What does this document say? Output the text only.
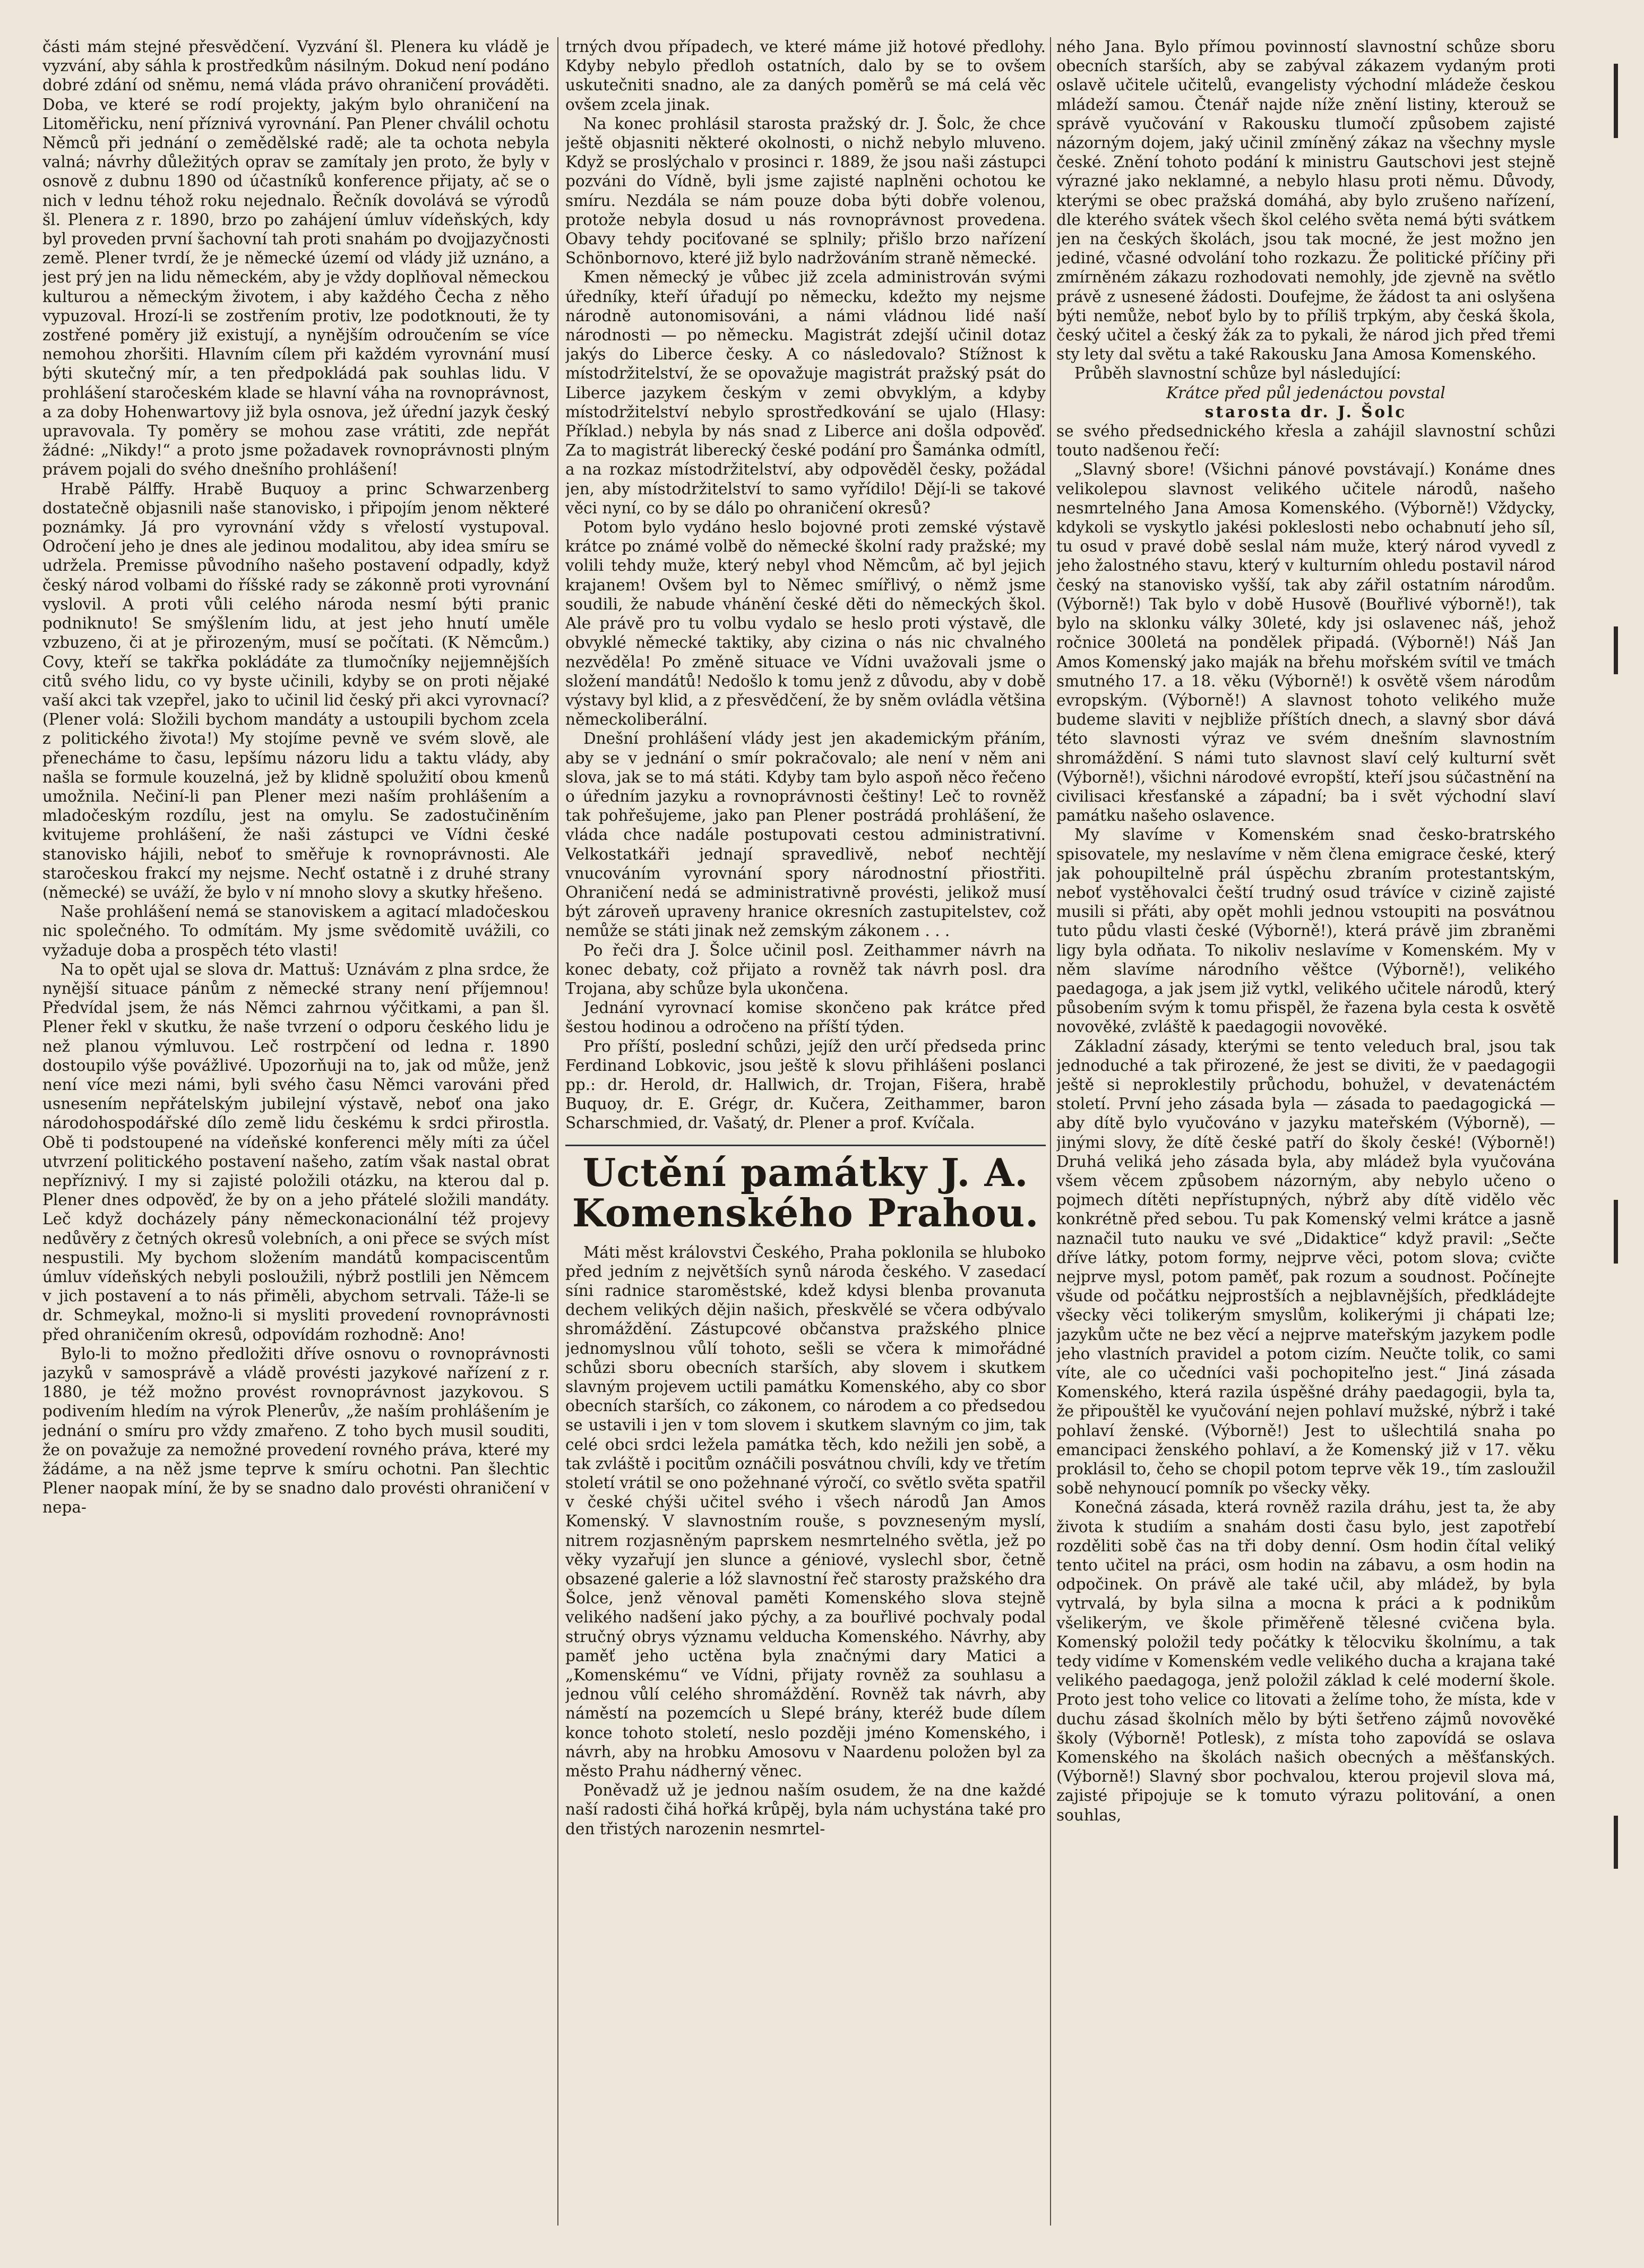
části mám stejné přesvědčení. Vyzvání šl. Plenera ku vládě je vyzvání, aby sáhla k prostředkům násilným. Dokud není podáno dobré zdání od sněmu, nemá vláda právo ohraničení prováděti. Doba, ve které se rodí projekty, jakým bylo ohraničení na Litoměřicku, není příznivá vyrovnání. Pan Plener chválil ochotu Němců při jednání o zemědělské radě; ale ta ochota nebyla valná; návrhy důležitých oprav se zamítaly jen proto, že byly v osnově z dubnu 1890 od účastníků konference přijaty, ač se o nich v lednu téhož roku nejednalo. Řečník dovolává se výrodů šl. Plenera z r. 1890, brzo po zahájení úmluv vídeňských, kdy byl proveden první šachovní tah proti snahám po dvojjazyčnosti země. Plener tvrdí, že je německé území od vlády již uznáno, a jest prý jen na lidu německém, aby je vždy doplňoval německou kulturou a německým životem, i aby každého Čecha z něho vypuzoval. Hrozí-li se zostřením protiv, lze podotknouti, že ty zostřené poměry již existují, a nynějším odroučením se více nemohou zhoršiti. Hlavním cílem při každém vyrovnání musí býti skutečný mír, a ten předpokládá pak souhlas lidu. V prohlášení staročeském klade se hlavní váha na rovnoprávnost, a za doby Hohenwartovy již byla osnova, jež úřední jazyk český upravovala. Ty poměry se mohou zase vrátiti, zde nepřát žádné: „Nikdy!“ a proto jsme požadavek rovnoprávnosti plným právem pojali do svého dnešního prohlášení!

Hrabě Pálffy. Hrabě Buquoy a princ Schwarzenberg dostatečně objasnili naše stanovisko, i připojím jenom některé poznámky. Já pro vyrovnání vždy s vřelostí vystupoval. Odročení jeho je dnes ale jedinou modalitou, aby idea smíru se udržela. Premisse původního našeho postavení odpadly, když český národ volbami do říšské rady se zákonně proti vyrovnání vyslovil. A proti vůli celého národa nesmí býti pranic podniknuto! Se smýšlením lidu, at jest jeho hnutí uměle vzbuzeno, či at je přirozeným, musí se počítati. (K Němcům.) Covy, kteří se takřka pokládáte za tlumočníky nejjemnějších citů svého lidu, co vy byste učinili, kdyby se on proti nějaké vaší akci tak vzepřel, jako to učinil lid český při akci vyrovnací? (Plener volá: Složili bychom mandáty a ustoupili bychom zcela z politického života!) My stojíme pevně ve svém slově, ale přenecháme to času, lepšímu názoru lidu a taktu vlády, aby našla se formule kouzelná, jež by klidně spolužití obou kmenů umožnila. Nečiní-li pan Plener mezi naším prohlášením a mladočeským rozdílu, jest na omylu. Se zadostučiněním kvitujeme prohlášení, že naši zástupci ve Vídni české stanovisko hájili, neboť to směřuje k rovnoprávnosti. Ale staročeskou frakcí my nejsme. Nechť ostatně i z druhé strany (německé) se uváží, že bylo v ní mnoho slovy a skutky hřešeno.

Naše prohlášení nemá se stanoviskem a agitací mladočeskou nic společného. To odmítám. My jsme svědomitě uvážili, co vyžaduje doba a prospěch této vlasti!

Na to opět ujal se slova dr. Mattuš: Uznávám z plna srdce, že nynější situace pánům z německé strany není příjemnou! Předvídal jsem, že nás Němci zahrnou výčitkami, a pan šl. Plener řekl v skutku, že naše tvrzení o odporu českého lidu je než planou výmluvou. Leč rostrpčení od ledna r. 1890 dostoupilo výše povážlivé. Upozorňuji na to, jak od může, jenž není více mezi námi, byli svého času Němci varováni před usnesením nepřátelským jubilejní výstavě, neboť ona jako národohospodářské dílo země lidu českému k srdci přirostla. Obě ti podstoupené na vídeňské konferenci měly míti za účel utvrzení politického postavení našeho, zatím však nastal obrat nepříznivý. I my si zajisté položili otázku, na kterou dal p. Plener dnes odpověď, že by on a jeho přátelé složili mandáty. Leč když docházely pány německonacionální též projevy nedůvěry z četných okresů volebních, a oni přece se svých míst nespustili. My bychom složením mandátů kompaciscentům úmluv vídeňských nebyli posloužili, nýbrž postlili jen Němcem v jich postavení a to nás přiměli, abychom setrvali. Táže-li se dr. Schmeykal, možno-li si mysliti provedení rovnoprávnosti před ohraničením okresů, odpovídám rozhodně: Ano!

Bylo-li to možno předložiti dříve osnovu o rovnoprávnosti jazyků v samosprávě a vládě provésti jazykové nařízení z r. 1880, je též možno provést rovnoprávnost jazykovou. S podivením hledím na výrok Plenerův, „že naším prohlášením je jednání o smíru pro vždy zmařeno. Z toho bych musil souditi, že on považuje za nemožné provedení rovného práva, které my žádáme, a na něž jsme teprve k smíru ochotni. Pan šlechtic Plener naopak míní, že by se snadno dalo provésti ohraničení v nepa-

trných dvou případech, ve které máme již hotové předlohy. Kdyby nebylo předloh ostatních, dalo by se to ovšem uskutečniti snadno, ale za daných poměrů se má celá věc ovšem zcela jinak.

Na konec prohlásil starosta pražský dr. J. Šolc, že chce ještě objasniti některé okolnosti, o nichž nebylo mluveno. Když se proslýchalo v prosinci r. 1889, že jsou naši zástupci pozváni do Vídně, byli jsme zajisté naplněni ochotou ke smíru. Nezdála se nám pouze doba býti dobře volenou, protože nebyla dosud u nás rovnoprávnost provedena. Obavy tehdy pociťované se splnily; přišlo brzo nařízení Schönbornovo, které již bylo nadržováním straně německé.

Kmen německý je vůbec již zcela administrován svými úředníky, kteří úřadují po německu, kdežto my nejsme národně autonomisováni, a námi vládnou lidé naší národnosti — po německu. Magistrát zdejší učinil dotaz jakýs do Liberce česky. A co následovalo? Stížnost k místodržitelství, že se opovažuje magistrát pražský psát do Liberce jazykem českým v zemi obvyklým, a kdyby místodržitelství nebylo sprostředkování se ujalo (Hlasy: Příklad.) nebyla by nás snad z Liberce ani došla odpověď. Za to magistrát liberecký české podání pro Šamánka odmítl, a na rozkaz místodržitelství, aby odpověděl česky, požádal jen, aby místodržitelství to samo vyřídilo! Dějí-li se takové věci nyní, co by se dálo po ohraničení okresů?

Potom bylo vydáno heslo bojovné proti zemské výstavě krátce po známé volbě do německé školní rady pražské; my volili tehdy muže, který nebyl vhod Němcům, ač byl jejich krajanem! Ovšem byl to Němec smířlivý, o němž jsme soudili, že nabude vhánění české děti do německých škol. Ale právě pro tu volbu vydalo se heslo proti výstavě, dle obvyklé německé taktiky, aby cizina o nás nic chvalného nezvěděla! Po změně situace ve Vídni uvažovali jsme o složení mandátů! Nedošlo k tomu jenž z důvodu, aby v době výstavy byl klid, a z přesvědčení, že by sněm ovládla většina německoliberální.

Dnešní prohlášení vlády jest jen akademickým přáním, aby se v jednání o smír pokračovalo; ale není v něm ani slova, jak se to má státi. Kdyby tam bylo aspoň něco řečeno o úředním jazyku a rovnoprávnosti češtiny! Leč to rovněž tak pohřešujeme, jako pan Plener postrádá prohlášení, že vláda chce nadále postupovati cestou administrativní. Velkostatkáři jednají spravedlivě, neboť nechtějí vnucováním vyrovnání spory národnostní přiostřiti. Ohraničení nedá se administrativně provésti, jelikož musí být zároveň upraveny hranice okresních zastupitelstev, což nemůže se státi jinak než zemským zákonem . . .

Po řeči dra J. Šolce učinil posl. Zeithammer návrh na konec debaty, což přijato a rovněž tak návrh posl. dra Trojana, aby schůze byla ukončena.

Jednání vyrovnací komise skončeno pak krátce před šestou hodinou a odročeno na příští týden.

Pro příští, poslední schůzi, jejíž den určí předseda princ Ferdinand Lobkovic, jsou ještě k slovu přihlášeni poslanci pp.: dr. Herold, dr. Hallwich, dr. Trojan, Fišera, hrabě Buquoy, dr. E. Grégr, dr. Kučera, Zeithammer, baron Scharschmied, dr. Vašatý, dr. Plener a prof. Kvíčala.

Uctění památky J. A. Komenského Prahou.

Máti měst královstvi Českého, Praha poklonila se hluboko před jedním z největších synů národa českého. V zasedací síni radnice staroměstské, kdež kdysi blenba provanuta dechem velikých dějin našich, přeskvělé se včera odbývalo shromáždění. Zástupcové občanstva pražského plnice jednomyslnou vůlí tohoto, sešli se včera k mimořádné schůzi sboru obecních starších, aby slovem i skutkem slavným projevem uctili památku Komenského, aby co sbor obecních starších, co zákonem, co národem a co předsedou se ustavili i jen v tom slovem i skutkem slavným co jim, tak celé obci srdci ležela památka těch, kdo nežili jen sobě, a tak zvláště i pocitům oznáčili posvátnou chvíli, kdy ve třetím století vrátil se ono požehnané výročí, co světlo světa spatřil v české chýši učitel svého i všech národů Jan Amos Komenský. V slavnostním rouše, s povzneseným myslí, nitrem rozjasněným paprskem nesmrtelného světla, jež po věky vyzařují jen slunce a géniové, vyslechl sbor, četně obsazené galerie a lóž slavnostní řeč starosty pražského dra Šolce, jenž věnoval paměti Komenského slova stejně velikého nadšení jako pýchy, a za bouřlivé pochvaly podal stručný obrys významu velducha Komenského. Návrhy, aby paměť jeho uctěna byla značnými dary Matici a „Komenskému“ ve Vídni, přijaty rovněž za souhlasu a jednou vůlí celého shromáždění. Rovněž tak návrh, aby náměstí na pozemcích u Slepé brány, kteréž bude dílem konce tohoto století, neslo později jméno Komenského, i návrh, aby na hrobku Amosovu v Naardenu položen byl za město Prahu nádherný věnec.

Poněvadž už je jednou naším osudem, že na dne každé naší radosti čihá hořká krůpěj, byla nám uchystána také pro den třistých narozenin nesmrtel-

ného Jana. Bylo přímou povinností slavnostní schůze sboru obecních starších, aby se zabýval zákazem vydaným proti oslavě učitele učitelů, evangelisty východní mládeže českou mládeží samou. Čtenář najde níže znění listiny, kterouž se správě vyučování v Rakousku tlumočí způsobem zajisté názorným dojem, jaký učinil zmíněný zákaz na všechny mysle české. Znění tohoto podání k ministru Gautschovi jest stejně výrazné jako neklamné, a nebylo hlasu proti němu. Důvody, kterými se obec pražská domáhá, aby bylo zrušeno nařízení, dle kterého svátek všech škol celého světa nemá býti svátkem jen na českých školách, jsou tak mocné, že jest možno jen jediné, včasné odvolání toho rozkazu. Že politické příčiny při zmírněném zákazu rozhodovati nemohly, jde zjevně na světlo právě z usnesené žádosti. Doufejme, že žádost ta ani oslyšena býti nemůže, neboť bylo by to příliš trpkým, aby česká škola, český učitel a český žák za to pykali, že národ jich před třemi sty lety dal světu a také Rakousku Jana Amosa Komenského.

Průběh slavnostní schůze byl následující:

Krátce před půl jedenáctou povstal

starosta dr. J. Šolc

se svého předsednického křesla a zahájil slavnostní schůzi touto nadšenou řečí:

„Slavný sbore! (Všichni pánové povstávají.) Konáme dnes velikolepou slavnost velikého učitele národů, našeho nesmrtelného Jana Amosa Komenského. (Výborně!) Vždycky, kdykoli se vyskytlo jakési pokleslosti nebo ochabnutí jeho síl, tu osud v pravé době seslal nám muže, který národ vyvedl z jeho žalostného stavu, který v kulturním ohledu postavil národ český na stanovisko vyšší, tak aby zářil ostatním národům. (Výborně!) Tak bylo v době Husově (Bouřlivé výborně!), tak bylo na sklonku války 30leté, kdy jsi oslavenec náš, jehož ročnice 300letá na pondělek připadá. (Výborně!) Náš Jan Amos Komenský jako maják na břehu mořském svítil ve tmách smutného 17. a 18. věku (Výborně!) k osvětě všem národům evropským. (Výborně!) A slavnost tohoto velikého muže budeme slaviti v nejbliže příštích dnech, a slavný sbor dává této slavnosti výraz ve svém dnešním slavnostním shromáždění. S námi tuto slavnost slaví celý kulturní svět (Výborně!), všichni národové evropští, kteří jsou súčastnění na civilisaci křesťanské a západní; ba i svět východní slaví památku našeho oslavence.

My slavíme v Komenském snad česko-bratrského spisovatele, my neslavíme v něm člena emigrace české, který jak pohoupiltelně prál úspěchu zbraním protestantským, neboť vystěhovalci čeští trudný osud trávíce v cizině zajisté musili si přáti, aby opět mohli jednou vstoupiti na posvátnou tuto půdu vlasti české (Výborně!), která právě jim zbraněmi ligy byla odňata. To nikoliv neslavíme v Komenském. My v něm slavíme národního věštce (Výborně!), velikého paedagoga, a jak jsem již vytkl, velikého učitele národů, který působením svým k tomu přispěl, že řazena byla cesta k osvětě novověké, zvláště k paedagogii novověké.

Základní zásady, kterými se tento veleduch bral, jsou tak jednoduché a tak přirozené, že jest se diviti, že v paedagogii ještě si neproklestily průchodu, bohužel, v devatenáctém století. První jeho zásada byla — zásada to paedagogická — aby dítě bylo vyučováno v jazyku mateřském (Výborně), — jinými slovy, že dítě české patří do školy české! (Výborně!) Druhá veliká jeho zásada byla, aby mládež byla vyučována všem věcem způsobem názorným, aby nebylo učeno o pojmech dítěti nepřístupných, nýbrž aby dítě vidělo věc konkrétně před sebou. Tu pak Komenský velmi krátce a jasně naznačil tuto nauku ve své „Didaktice“ když pravil: „Sečte dříve látky, potom formy, nejprve věci, potom slova; cvičte nejprve mysl, potom paměť, pak rozum a soudnost. Počínejte všude od počátku nejprostších a nejblavnějších, předkládejte všecky věci tolikerým smyslům, kolikerými ji chápati lze; jazykům učte ne bez věcí a nejprve mateřským jazykem podle jeho vlastních pravidel a potom cizím. Neučte tolik, co sami víte, ale co učedníci vaši pochopiteľno jest.“ Jiná zásada Komenského, která razila úspěšné dráhy paedagogii, byla ta, že připouštěl ke vyučování nejen pohlaví mužské, nýbrž i také pohlaví ženské. (Výborně!) Jest to ušlechtilá snaha po emancipaci ženského pohlaví, a že Komenský již v 17. věku proklásil to, čeho se chopil potom teprve věk 19., tím zasloužil sobě nehynoucí pomník po všecky věky.

Konečná zásada, která rovněž razila dráhu, jest ta, že aby života k studiím a snahám dosti času bylo, jest zapotřebí rozděliti sobě čas na tři doby denní. Osm hodin čítal veliký tento učitel na práci, osm hodin na zábavu, a osm hodin na odpočinek. On právě ale také učil, aby mládež, by byla vytrvalá, by byla silna a mocna k práci a k podnikům všelikerým, ve škole přiměřeně tělesné cvičena byla. Komenský položil tedy počátky k tělocviku školnímu, a tak tedy vidíme v Komenském vedle velikého ducha a krajana také velikého paedagoga, jenž položil základ k celé moderní škole. Proto jest toho velice co litovati a želíme toho, že místa, kde v duchu zásad školních mělo by býti šetřeno zájmů novověké školy (Výborně! Potlesk), z místa toho zapovídá se oslava Komenského na školách našich obecných a měšťanských. (Výborně!) Slavný sbor pochvalou, kterou projevil slova má, zajisté připojuje se k tomuto výrazu politování, a onen souhlas,
